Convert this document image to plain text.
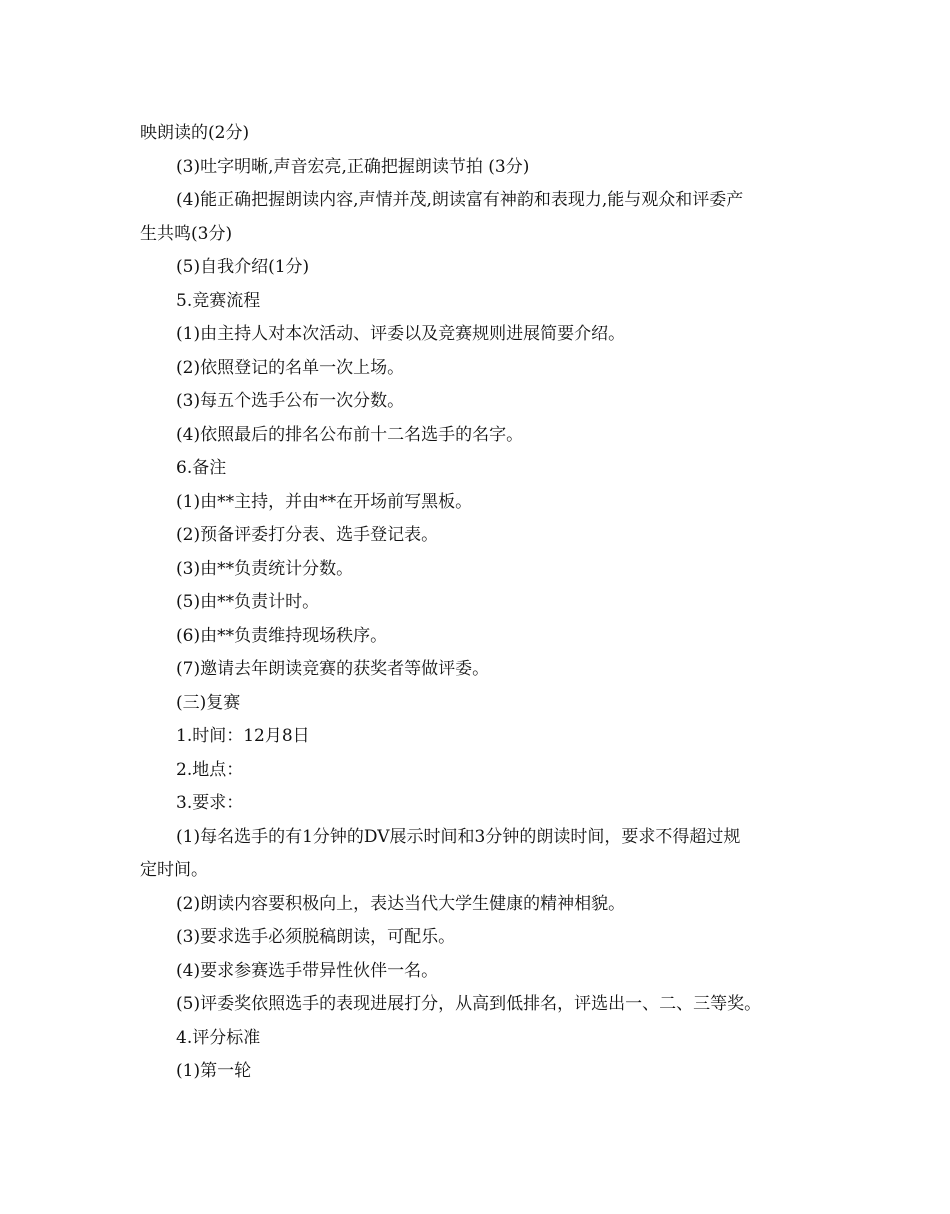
映朗读的(2分)

(3)吐字明晰,声音宏亮,正确把握朗读节拍 (3分)

(4)能正确把握朗读内容,声情并茂,朗读富有神韵和表现力,能与观众和评委产

生共鸣(3分)

(5)自我介绍(1分)

5.竞赛流程

(1)由主持人对本次活动、评委以及竞赛规则进展简要介绍。

(2)依照登记的名单一次上场。

(3)每五个选手公布一次分数。

(4)依照最后的排名公布前十二名选手的名字。

6.备注

(1)由**主持，并由**在开场前写黑板。

(2)预备评委打分表、选手登记表。

(3)由**负责统计分数。

(5)由**负责计时。

(6)由**负责维持现场秩序。

(7)邀请去年朗读竞赛的获奖者等做评委。

(三)复赛

1.时间：12月8日

2.地点：

3.要求：

(1)每名选手的有1分钟的DV展示时间和3分钟的朗读时间，要求不得超过规

定时间。

(2)朗读内容要积极向上，表达当代大学生健康的精神相貌。

(3)要求选手必须脱稿朗读，可配乐。

(4)要求参赛选手带异性伙伴一名。

(5)评委奖依照选手的表现进展打分，从高到低排名，评选出一、二、三等奖。

4.评分标准

(1)第一轮
